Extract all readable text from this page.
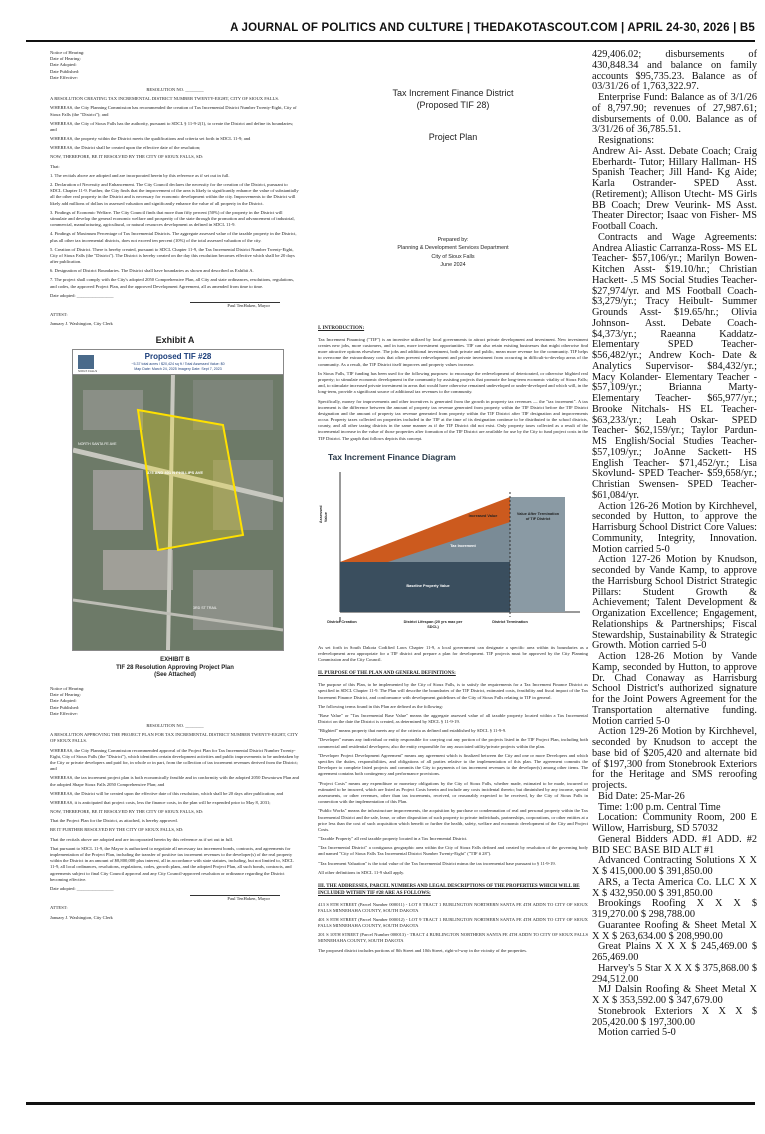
A JOURNAL OF POLITICS AND CULTURE | THEDAKOTASCOUT.COM | APRIL 24-30, 2026 | B5
Notice of Hearing:
Date of Hearing:
Date Adopted:
Date Published:
Date Effective:

RESOLUTION NO. ________

A RESOLUTION CREATING TAX INCREMENTAL DISTRICT NUMBER TWENTY-EIGHT, CITY OF SIOUX FALLS.

WHEREAS, the City Planning Commission has recommended the creation of Tax Incremental District Number Twenty-Eight, City of Sioux Falls (the "District"); and

WHEREAS, the City of Sioux Falls has the authority, pursuant to SDCL § 11-9-2(1), to create the District and define its boundaries; and

WHEREAS, the property within the District meets the qualifications and criteria set forth in SDCL 11-9; and

WHEREAS, the District shall be created upon the effective date of the resolution;

NOW, THEREFORE, BE IT RESOLVED BY THE CITY OF SIOUX FALLS, SD:

That:

1. The recitals above are adopted and are incorporated herein by this reference as if set out in full.

2. Declaration of Necessity and Enhancement. The City Council declares the necessity for the creation of the District, pursuant to SDCL Chapter 11-9. Further, the City finds that the improvement of the area is likely to significantly enhance the value of substantially all the other real property in the District and is necessary for economic development within the city. Improvements to the District will likely add millions of dollars in assessed valuation and significantly enhance the value of all property in the District.

3. Findings of Economic Welfare. The City Council finds that more than fifty percent (50%) of the property in the District will stimulate and develop the general economic welfare and prosperity of the state through the promotion and advancement of industrial, commercial, manufacturing, agricultural, or natural resources development as defined in SDCL 11-9.

4. Findings of Maximum Percentage of Tax Incremental Districts. The aggregate assessed value of the taxable property in the District, plus all other tax incremental districts, does not exceed ten percent (10%) of the total assessed valuation of the city.

5. Creation of District. There is hereby created, pursuant to SDCL Chapter 11-9, the Tax Incremental District Number Twenty-Eight, City of Sioux Falls (the "District"). The District is hereby created on the day this resolution becomes effective which shall be 20 days after publication.

6. Designation of District Boundaries. The District shall have boundaries as shown and described as Exhibit A.

7. The project shall comply with the City's adopted 2050 Comprehensive Plan, all City and state ordinances, resolutions, regulations, and codes, the approved Project Plan, and the approved Development Agreement, all as amended from time to time.

Date adopted: ________________

Paul TenHaken, Mayor

ATTEST:

January J. Washington, City Clerk

Exhibit A
SIOUX FALLS
Proposed TIF #28
~5.37 total acres / $20,424 sq ft / Total Assessed Value: $0
Map Date: March 24, 2025 Imagery Date: Sept 7, 2023
375 AND 401 N PHILLIPS AVE
NORTH SANTA FE AVE
3RD ST TRAIL
EXHIBIT B
TIF 28 Resolution Approving Project Plan
(See Attached)
Notice of Hearing:
Date of Hearing:
Date Adopted:
Date Published:
Date Effective:

RESOLUTION NO. ________

A RESOLUTION APPROVING THE PROJECT PLAN FOR TAX INCREMENTAL DISTRICT NUMBER TWENTY-EIGHT, CITY OF SIOUX FALLS.

WHEREAS, the City Planning Commission recommended approval of the Project Plan for Tax Incremental District Number Twenty-Eight, City of Sioux Falls (the "District"), which identifies certain development activities and public improvements to be undertaken by the City or private developers and paid for, in whole or in part, from the collection of tax increment revenues derived from the District; and

WHEREAS, the tax increment project plan is both economically feasible and in conformity with the adopted 2050 Downtown Plan and the adopted Shape Sioux Falls 2050 Comprehensive Plan; and

WHEREAS, the District will be created upon the effective date of this resolution, which shall be 20 days after publication; and

WHEREAS, it is anticipated that project costs, less the finance costs, in the plan will be expended prior to May 8, 2031;

NOW, THEREFORE, BE IT RESOLVED BY THE CITY OF SIOUX FALLS, SD:

That the Project Plan for the District, as attached, is hereby approved.

BE IT FURTHER RESOLVED BY THE CITY OF SIOUX FALLS, SD:

That the recitals above are adopted and are incorporated herein by this reference as if set out in full.

That pursuant to SDCL 11-9, the Mayor is authorized to negotiate all necessary tax increment bonds, contracts, and agreements for implementation of the Project Plan, including the transfer of positive tax increment revenues to the developer(s) of the real property within the District in an amount of $8,800,000 plus interest, all in accordance with state statutes, including, but not limited to, SDCL 11-9, all local ordinances, resolutions, regulations, codes, growth plans, and the adopted Project Plan, all such bonds, contracts, and agreements subject to final City Council approval and any City Council-approved resolution or ordinance regarding the District becoming effective.

Date adopted: ________________

Paul TenHaken, Mayor

ATTEST:

January J. Washington, City Clerk

Tax Increment Finance District
(Proposed TIF 28)
Project Plan
Prepared by:
Planning & Development Services Department
City of Sioux Falls
June 2024
I. INTRODUCTION:

Tax Increment Financing ("TIF") is an incentive utilized by local governments to attract private development and investment. New investment creates new jobs, more customers, and in turn, more investment opportunities. TIF can also retain existing businesses that might otherwise find more attractive options elsewhere. The jobs and additional investment, both private and public, mean more revenue for the community. TIF helps to overcome the extraordinary costs that often prevent redevelopment and private investment from occurring in difficult-to-develop areas of the community. As a result, the TIF District itself improves and property values increase.

In Sioux Falls, TIF funding has been used for the following purposes: to encourage the redevelopment of deteriorated, or otherwise blighted real property; to stimulate economic development in the community by assisting projects that promote the long-term economic vitality of Sioux Falls; and, to stimulate increased private investment in areas that would have otherwise remained undeveloped or under-developed and which will, in the long-term, provide a significant source of additional tax revenues to the community.

Specifically, money for improvements and other incentives is generated from the growth in property tax revenues — the "tax increment". A tax increment is the difference between the amount of property tax revenue generated from property within the TIF District before the TIF District designation and the amount of property tax revenue generated from property within the TIF District after TIF designation and improvements occur. Property taxes collected on properties included in the TIF at the time of its designation continue to be distributed to the school districts, county, and all other taxing districts in the same manner as if the TIF District did not exist. Only property taxes collected as a result of the incremental increase in the value of those properties after formation of the TIF District are available for use by the City to fund project costs in the TIF District. The graph that follows depicts this concept.

Tax Increment Finance Diagram
Assessed Value
Tax Increment
Increased Value	Value After Termination of TIF District
Baseline Property Value
District Creation	District Lifespan (20 yrs max per SDCL)
District Termination

As set forth in South Dakota Codified Laws Chapter 11-9, a local government can designate a specific area within its boundaries as a redevelopment area appropriate for a TIF district and prepare a plan for development. TIF projects must be approved by the City Planning Commission and the City Council.

II. PURPOSE OF THE PLAN AND GENERAL DEFINITIONS:

The purpose of this Plan, to be implemented by the City of Sioux Falls, is to satisfy the requirements for a Tax Increment Finance District as specified in SDCL Chapter 11-9. The Plan will describe the boundaries of the TIF District, estimated costs, feasibility and fiscal impact of the Tax Increment Finance District, and conformance with development guidelines of the City of Sioux Falls relating to TIF in general.

The following terms found in this Plan are defined as the following:

"Base Value" or "Tax Incremental Base Value" means the aggregate assessed value of all taxable property located within a Tax Incremental District on the date the District is created, as determined by SDCL § 11-9-19.

"Blighted" means property that meets any of the criteria as defined and established by SDCL § 11-9-9.

"Developer" means any individual or entity responsible for carrying out any portion of the projects listed in the TIF Project Plan, including both commercial and residential developers; also the entity responsible for any associated utility/private projects within the plan.

"Developer Project Development Agreement" means any agreement which is finalized between the City and one or more Developers and which specifies the duties, responsibilities, and obligations of all parties relative to the implementation of this plan. The agreement commits the Developer to complete listed projects and commits the City to payments of tax increment revenues to the developer(s) among other items. The agreement contains both contingency and performance provisions.

"Project Costs" means any expenditure or monetary obligations by the City of Sioux Falls, whether made, estimated to be made, incurred or estimated to be incurred, which are listed as Project Costs herein and include any costs incidental thereto; but diminished by any income, special assessments, or other revenues, other than tax increments, received, or reasonably expected to be received, by the City of Sioux Falls in connection with the implementation of this Plan.

"Public Works" means the infrastructure improvements, the acquisition by purchase or condemnation of real and personal property within the Tax Incremental District and the sale, lease, or other disposition of such property to private individuals, partnerships, corporations, or other entities at a price less than the cost of such acquisition which benefit or further the health, safety, welfare and economic development of the City and Project Costs.

"Taxable Property" all real taxable property located in a Tax Incremental District.

"Tax Incremental District" a contiguous geographic area within the City of Sioux Falls defined and created by resolution of the governing body and named "City of Sioux Falls Tax Incremental District Number Twenty-Eight" ("TIF # 28").

"Tax Increment Valuation" is the total value of the Tax Incremental District minus the tax incremental base pursuant to § 11-9-19.

All other definitions in SDCL 11-9 shall apply.

III. THE ADDRESSES, PARCEL NUMBERS AND LEGAL DESCRIPTIONS OF THE PROPERTIES WHICH WILL BE INCLUDED WITHIN TIF #28 ARE AS FOLLOWS:

413 S 8TH STREET (Parcel Number 000011) - LOT 8 TRACT 1 BURLINGTON NORTHERN SANTA FE 4TH ADDN TO CITY OF SIOUX FALLS MINNEHAHA COUNTY, SOUTH DAKOTA

401 S 8TH STREET (Parcel Number 000012) - LOT 9 TRACT 1 BURLINGTON NORTHERN SANTA FE 4TH ADDN TO CITY OF SIOUX FALLS MINNEHAHA COUNTY, SOUTH DAKOTA

201 S 10TH STREET (Parcel Number 000013) - TRACT 4 BURLINGTON NORTHERN SANTA FE 4TH ADDN TO CITY OF SIOUX FALLS MINNEHAHA COUNTY, SOUTH DAKOTA

The proposed district includes portions of 8th Street and 10th Street, right-of-way in the vicinity of the properties.

429,406.02; disbursements of 430,848.34 and balance on family accounts $95,735.23. Balance as of 03/31/26 of 1,763,322.97.

Enterprise Fund: Balance as of 3/1/26 of 8,797.90; revenues of 27,987.61; disbursements of 0.00. Balance as of 3/31/26 of 36,785.51.

Resignations:

Andrew Ai- Asst. Debate Coach; Craig Eberhardt- Tutor; Hillary Hallman- HS Spanish Teacher; Jill Hand- Kg Aide; Karla Ostrander- SPED Asst. (Retirement); Allison Utecht- MS Girls BB Coach; Drew Veurink- MS Asst. Theater Director; Isaac von Fisher- MS Football Coach.

Contracts and Wage Agreements: Andrea Aliastic Carranza-Ross- MS EL Teacher- $57,106/yr.; Marilyn Bowen- Kitchen Asst- $19.10/hr.; Christian Hackett- .5 MS Social Studies Teacher- $27,974/yr. and MS Football Coach- $3,279/yr.; Tracy Heibult- Summer Grounds Asst- $19.65/hr.; Olivia Johnson- Asst. Debate Coach- $4,373/yr.; Raeanna Kaddatz- Elementary SPED Teacher- $56,482/yr.; Andrew Koch- Date & Analytics Supervisor- $84,432/yr.; Macy Kolander- Elementary Teacher - $57,109/yr.; Brianna Marty- Elementary Teacher- $65,977/yr.; Brooke Nitchals- HS EL Teacher- $63,233/yr.; Leah Oskar- SPED Teacher- $62,159/yr.; Taylor Pardun- MS English/Social Studies Teacher- $57,109/yr.; JoAnne Sackett- HS English Teacher- $71,452/yr.; Lisa Skovlund- SPED Teacher- $59,658/yr.; Christian Swensen- SPED Teacher- $61,084/yr.

Action 126-26 Motion by Kirchhevel, seconded by Hutton, to approve the Harrisburg School District Core Values: Community, Integrity, Innovation. Motion carried 5-0

Action 127-26 Motion by Knudson, seconded by Vande Kamp, to approve the Harrisburg School District Strategic Pillars: Student Growth & Achievement; Talent Development & Organization Excellence; Engagement, Relationships & Partnerships; Fiscal Stewardship, Sustainability & Strategic Growth. Motion carried 5-0

Action 128-26 Motion by Vande Kamp, seconded by Hutton, to approve Dr. Chad Conaway as Harrisburg School District's authorized signature for the Joint Powers Agreement for the Transportation alternative funding. Motion carried 5-0

Action 129-26 Motion by Kirchhevel, seconded by Knudson to accept the base bid of $205,420 and alternate bid of $197,300 from Stonebrook Exteriors for the Heritage and SMS reroofing projects.

Bid Date: 25-Mar-26

Time: 1:00 p.m. Central Time

Location: Community Room, 200 E Willow, Harrisburg, SD 57032

General Bidders ADD. #1 ADD. #2 BID SEC BASE BID ALT #1

Advanced Contracting Solutions X X X $ 415,000.00 $ 391,850.00

ARS, a Tecta America Co. LLC X X X $ 432,950.00 $ 391,850.00

Brookings Roofing X X X $ 319,270.00 $ 298,788.00

Guarantee Roofing & Sheet Metal X X X $ 263,634.00 $ 208,990.00

Great Plains X X X $ 245,469.00 $ 265,469.00

Harvey's 5 Star X X X $ 375,868.00 $ 294,512.00

MJ Dalsin Roofing & Sheet Metal X X X $ 353,592.00 $ 347,679.00

Stonebrook Exteriors X X X $ 205,420.00 $ 197,300.00

Motion carried 5-0
